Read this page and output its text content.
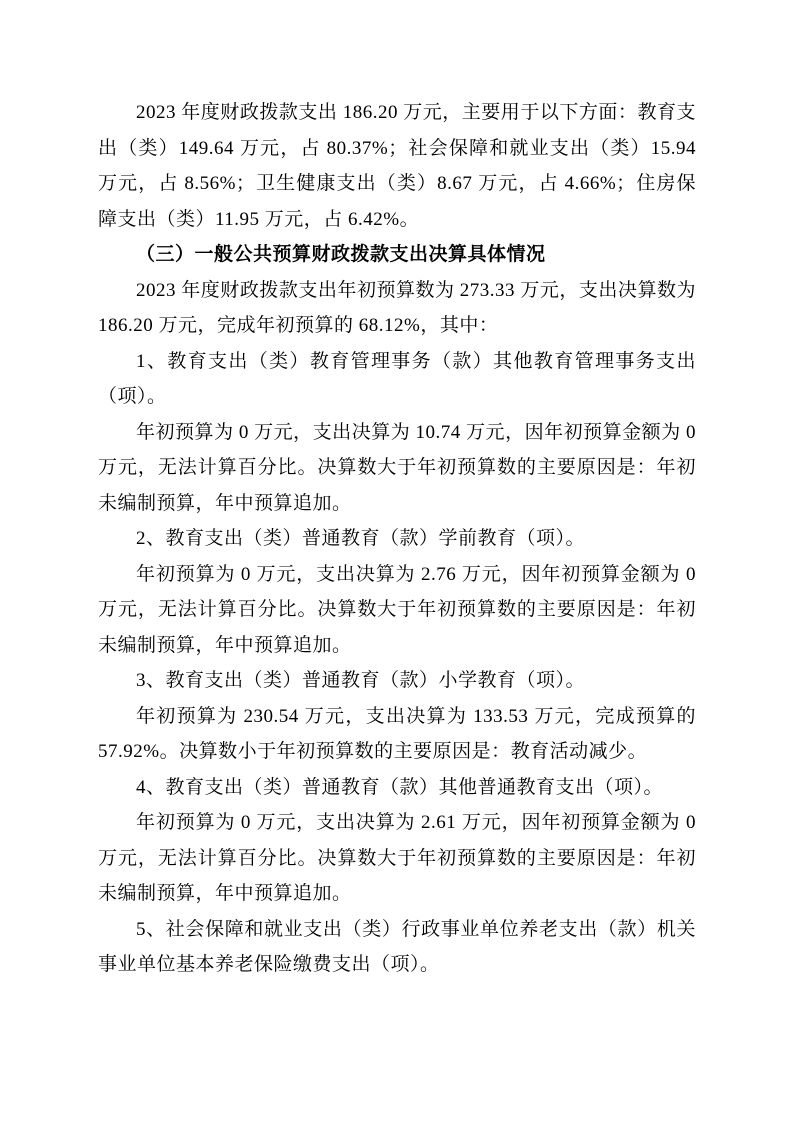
2023 年度财政拨款支出 186.20 万元，主要用于以下方面：教育支出（类）149.64 万元，占 80.37%；社会保障和就业支出（类）15.94 万元，占 8.56%；卫生健康支出（类）8.67 万元，占 4.66%；住房保障支出（类）11.95 万元，占 6.42%。

（三）一般公共预算财政拨款支出决算具体情况

2023 年度财政拨款支出年初预算数为 273.33 万元，支出决算数为 186.20 万元，完成年初预算的 68.12%，其中：

1、教育支出（类）教育管理事务（款）其他教育管理事务支出（项）。

年初预算为 0 万元，支出决算为 10.74 万元，因年初预算金额为 0 万元，无法计算百分比。决算数大于年初预算数的主要原因是：年初未编制预算，年中预算追加。

2、教育支出（类）普通教育（款）学前教育（项）。

年初预算为 0 万元，支出决算为 2.76 万元，因年初预算金额为 0 万元，无法计算百分比。决算数大于年初预算数的主要原因是：年初未编制预算，年中预算追加。

3、教育支出（类）普通教育（款）小学教育（项）。

年初预算为 230.54 万元，支出决算为 133.53 万元，完成预算的 57.92%。决算数小于年初预算数的主要原因是：教育活动减少。

4、教育支出（类）普通教育（款）其他普通教育支出（项）。

年初预算为 0 万元，支出决算为 2.61 万元，因年初预算金额为 0 万元，无法计算百分比。决算数大于年初预算数的主要原因是：年初未编制预算，年中预算追加。

5、社会保障和就业支出（类）行政事业单位养老支出（款）机关事业单位基本养老保险缴费支出（项）。
